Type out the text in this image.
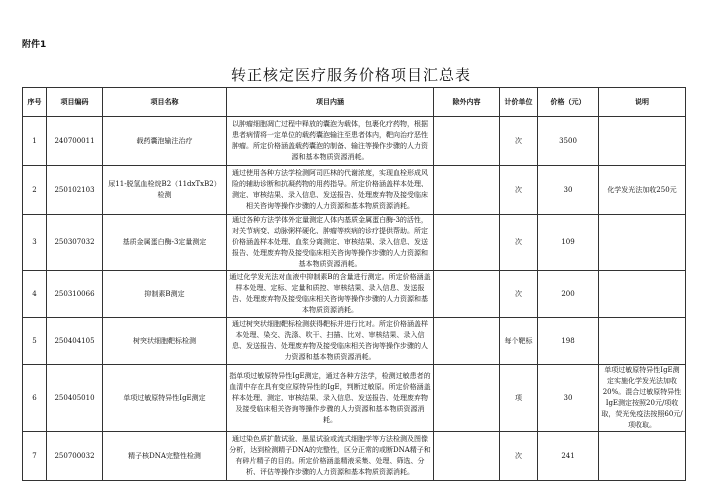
附件1
转正核定医疗服务价格项目汇总表
序号	项目编码	项目名称	项目内涵	除外内容	计价单位	价格（元）	说明
1	240700011	载药囊泡输注治疗	以肿瘤细胞凋亡过程中释放的囊泡为载体，包裹化疗药物，根据患者病情将一定单位的载药囊泡输注至患者体内，靶向治疗恶性肿瘤。所定价格涵盖载药囊泡的制备、输注等操作步骤的人力资源和基本物质资源消耗。		次	3500	
2	250102103	尿11-脱氢血栓烷B2（11dxTxB2）检测	通过使用各种方法学检测阿司匹林的代谢浓度，实现血栓形成风险的辅助诊断和抗凝药物的用药指导。所定价格涵盖样本处理、测定、审核结果、录入信息、发送报告、处理废弃物及接受临床相关咨询等操作步骤的人力资源和基本物质资源消耗。		次	30	化学发光法加收250元
3	250307032	基质金属蛋白酶-3定量测定	通过各种方法学体外定量测定人体内基质金属蛋白酶-3的活性，对关节病变、动脉粥样硬化、肿瘤等疾病的诊疗提供帮助。所定价格涵盖样本处理、血浆分离测定、审核结果、录入信息、发送报告、处理废弃物及接受临床相关咨询等操作步骤的人力资源和基本物质资源消耗。		次	109	
4	250310066	抑制素B测定	通过化学发光法对血液中抑制素B的含量进行测定。所定价格涵盖样本处理、定标、定量和质控、审核结果、录入信息、发送报告、处理废弃物及接受临床相关咨询等操作步骤的人力资源和基本物质资源消耗。		次	200	
5	250404105	树突状细胞靶标检测	通过树突状细胞靶标检测获得靶标并进行比对。所定价格涵盖样本处理、染交、洗涤、吹干、扫描、比对、审核结果、录入信息、发送报告、处理废弃物及接受临床相关咨询等操作步骤的人力资源和基本物质资源消耗。		每个靶标	198	
6	250405010	单项过敏原特异性IgE测定	指单项过敏原特异性IgE测定，通过各种方法学，检测过敏患者的血清中存在具有变应原特异性的IgE，判断过敏原。所定价格涵盖样本处理、测定、审核结果、录入信息、发送报告、处理废弃物及接受临床相关咨询等操作步骤的人力资源和基本物质资源消耗。		项	30	单项过敏原特异性IgE测定实施化学发光法加收20%。混合过敏原特异性IgE测定按照20元/项收取，荧光免疫法按照60元/项收取。
7	250700032	精子核DNA完整性检测	通过染色质扩散试验、墨星试验或流式细胞学等方法检测及图像分析，达到检测精子DNA的完整性，区分正常的或断DNA精子和有碎片精子的目的。所定价格涵盖精液采集、处理、筛选、分析、评估等操作步骤的人力资源和基本物质资源消耗。		次	241	
